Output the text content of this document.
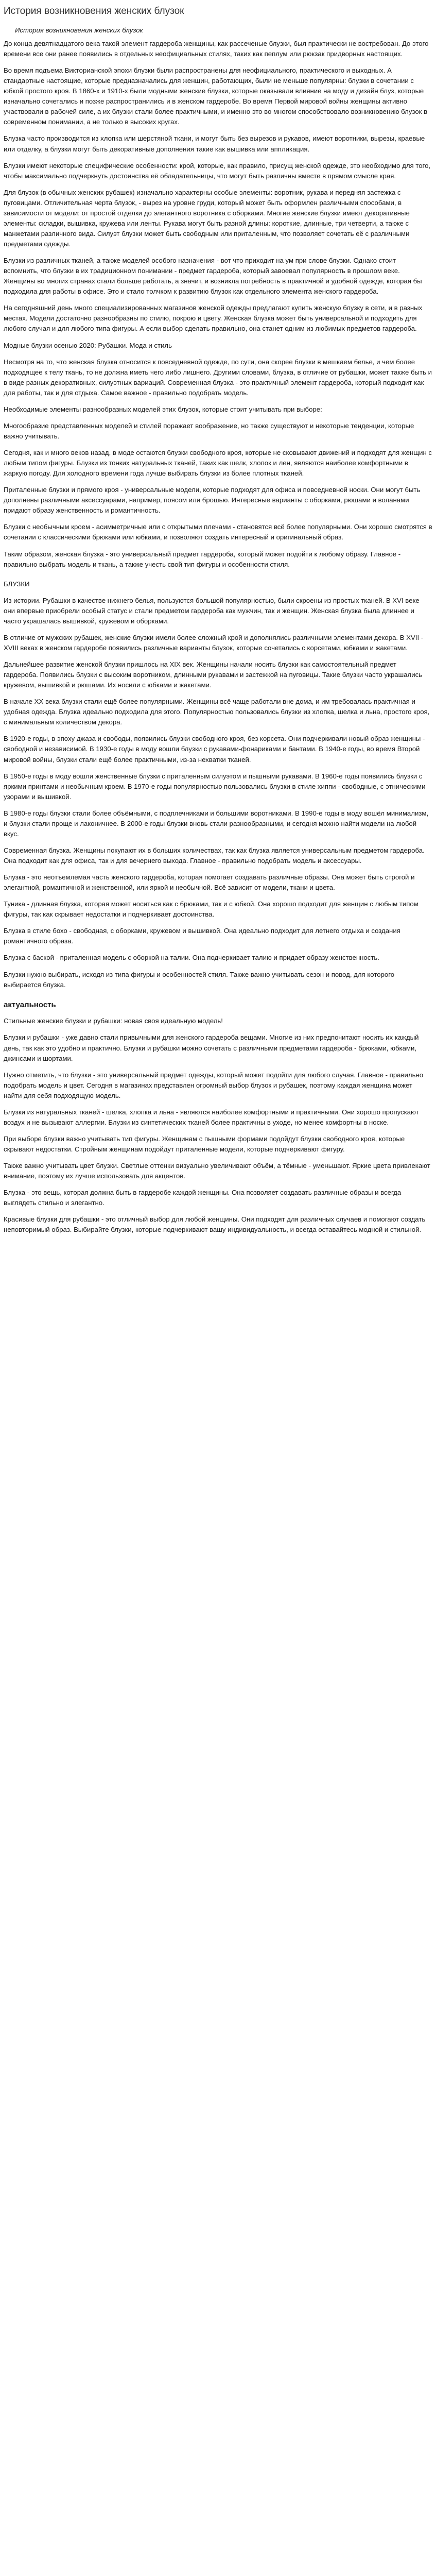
История возникновения женских блузок
История возникновения женских блузок

До конца девятнадцатого века такой элемент гардероба женщины, как рассеченые блузки, был практически не востребован. До этого времени все они ранее появились в отдельных неофициальных стилях, таких как пеплум или рюкзак придворных настоящих.

Во время подъема Викторианской эпохи блузки были распространены для неофициального, практического и выходных. А стандартные настоящие, которые предназначались для женщин, работающих, были не меньше популярны: блузки в сочетании с юбкой простого кроя. В 1860-х и 1910-х были модными женские блузки, которые оказывали влияние на моду и дизайн блуз, которые изначально сочетались и позже распространились и в женском гардеробе. Во время Первой мировой войны женщины активно участвовали в рабочей силе, а их блузки стали более практичными, и именно это во многом способствовало возникновению блузок в современном понимании, а не только в высоких кругах.

Блузка часто производится из хлопка или шерстяной ткани, и могут быть без вырезов и рукавов, имеют воротники, вырезы, краевые или отделку, а блузки могут быть декоративные дополнения такие как вышивка или аппликация.

Блузки имеют некоторые специфические особенности: крой, которые, как правило, присущ женской одежде, это необходимо для того, чтобы максимально подчеркнуть достоинства её обладательницы, что могут быть различны вместе в прямом смысле края.

Для блузок (в обычных женских рубашек) изначально характерны особые элементы: воротник, рукава и передняя застежка с пуговицами. Отличительная черта блузок, - вырез на уровне груди, который может быть оформлен различными способами, в зависимости от модели: от простой отделки до элегантного воротника с оборками. Многие женские блузки имеют декоративные элементы: складки, вышивка, кружева или ленты. Рукава могут быть разной длины: короткие, длинные, три четверти, а также с манжетами различного вида. Силуэт блузки может быть свободным или приталенным, что позволяет сочетать её с различными предметами одежды.

Блузки из различных тканей, а также моделей особого назначения - вот что приходит на ум при слове блузки. Однако стоит вспомнить, что блузки в их традиционном понимании - предмет гардероба, который завоевал популярность в прошлом веке. Женщины во многих странах стали больше работать, а значит, и возникла потребность в практичной и удобной одежде, которая бы подходила для работы в офисе. Это и стало толчком к развитию блузок как отдельного элемента женского гардероба.

На сегодняшний день много специализированных магазинов женской одежды предлагают купить женскую блузку в сети, и в разных местах. Модели достаточно разнообразны по стилю, покрою и цвету. Женская блузка может быть универсальной и подходить для любого случая и для любого типа фигуры. А если выбор сделать правильно, она станет одним из любимых предметов гардероба.

Модные блузки осенью 2020: Рубашки. Мода и стиль

Несмотря на то, что женская блузка относится к повседневной одежде, по сути, она скорее блузки в мешкаем белье, и чем более подходящее к телу ткань, то не должна иметь чего либо лишнего. Другими словами, блузка, в отличие от рубашки, может также быть и в виде разных декоративных, силуэтных вариаций. Современная блузка - это практичный элемент гардероба, который подходит как для работы, так и для отдыха. Самое важное - правильно подобрать модель.

Необходимые элементы разнообразных моделей этих блузок, которые стоит учитывать при выборе:

Многообразие представленных моделей и стилей поражает воображение, но также существуют и некоторые тенденции, которые важно учитывать.

Сегодня, как и много веков назад, в моде остаются блузки свободного кроя, которые не сковывают движений и подходят для женщин с любым типом фигуры. Блузки из тонких натуральных тканей, таких как шелк, хлопок и лен, являются наиболее комфортными в жаркую погоду. Для холодного времени года лучше выбирать блузки из более плотных тканей.

Приталенные блузки и прямого кроя - универсальные модели, которые подходят для офиса и повседневной носки. Они могут быть дополнены различными аксессуарами, например, поясом или брошью. Интересные варианты с оборками, рюшами и воланами придают образу женственность и романтичность.

Блузки с необычным кроем - асимметричные или с открытыми плечами - становятся всё более популярными. Они хорошо смотрятся в сочетании с классическими брюками или юбками, и позволяют создать интересный и оригинальный образ.

Таким образом, женская блузка - это универсальный предмет гардероба, который может подойти к любому образу. Главное - правильно выбрать модель и ткань, а также учесть свой тип фигуры и особенности стиля.

БЛУЗКИ

Из истории. Рубашки в качестве нижнего белья, пользуются большой популярностью, были скроены из простых тканей. В XVI веке они впервые приобрели особый статус и стали предметом гардероба как мужчин, так и женщин. Женская блузка была длиннее и часто украшалась вышивкой, кружевом и оборками.

В отличие от мужских рубашек, женские блузки имели более сложный крой и дополнялись различными элементами декора. В XVII - XVIII веках в женском гардеробе появились различные варианты блузок, которые сочетались с корсетами, юбками и жакетами.

Дальнейшее развитие женской блузки пришлось на XIX век. Женщины начали носить блузки как самостоятельный предмет гардероба. Появились блузки с высоким воротником, длинными рукавами и застежкой на пуговицы. Такие блузки часто украшались кружевом, вышивкой и рюшами. Их носили с юбками и жакетами.

В начале XX века блузки стали ещё более популярными. Женщины всё чаще работали вне дома, и им требовалась практичная и удобная одежда. Блузка идеально подходила для этого. Популярностью пользовались блузки из хлопка, шелка и льна, простого кроя, с минимальным количеством декора.

В 1920-е годы, в эпоху джаза и свободы, появились блузки свободного кроя, без корсета. Они подчеркивали новый образ женщины - свободной и независимой. В 1930-е годы в моду вошли блузки с рукавами-фонариками и бантами. В 1940-е годы, во время Второй мировой войны, блузки стали ещё более практичными, из-за нехватки тканей.

В 1950-е годы в моду вошли женственные блузки с приталенным силуэтом и пышными рукавами. В 1960-е годы появились блузки с яркими принтами и необычным кроем. В 1970-е годы популярностью пользовались блузки в стиле хиппи - свободные, с этническими узорами и вышивкой.

В 1980-е годы блузки стали более объёмными, с подплечниками и большими воротниками. В 1990-е годы в моду вошёл минимализм, и блузки стали проще и лаконичнее. В 2000-е годы блузки вновь стали разнообразными, и сегодня можно найти модели на любой вкус.

Современная блузка. Женщины покупают их в больших количествах, так как блузка является универсальным предметом гардероба. Она подходит как для офиса, так и для вечернего выхода. Главное - правильно подобрать модель и аксессуары.

Блузка - это неотъемлемая часть женского гардероба, которая помогает создавать различные образы. Она может быть строгой и элегантной, романтичной и женственной, или яркой и необычной. Всё зависит от модели, ткани и цвета.

Туника - длинная блузка, которая может носиться как с брюками, так и с юбкой. Она хорошо подходит для женщин с любым типом фигуры, так как скрывает недостатки и подчеркивает достоинства.

Блузка в стиле бохо - свободная, с оборками, кружевом и вышивкой. Она идеально подходит для летнего отдыха и создания романтичного образа.

Блузка с баской - приталенная модель с оборкой на талии. Она подчеркивает талию и придает образу женственность.

Блузки нужно выбирать, исходя из типа фигуры и особенностей стиля. Также важно учитывать сезон и повод, для которого выбирается блузка.

актуальность

Стильные женские блузки и рубашки: новая своя идеальную модель!

Блузки и рубашки - уже давно стали привычными для женского гардероба вещами. Многие из них предпочитают носить их каждый день, так как это удобно и практично. Блузки и рубашки можно сочетать с различными предметами гардероба - брюками, юбками, джинсами и шортами.

Нужно отметить, что блузки - это универсальный предмет одежды, который может подойти для любого случая. Главное - правильно подобрать модель и цвет. Сегодня в магазинах представлен огромный выбор блузок и рубашек, поэтому каждая женщина может найти для себя подходящую модель.

Блузки из натуральных тканей - шелка, хлопка и льна - являются наиболее комфортными и практичными. Они хорошо пропускают воздух и не вызывают аллергии. Блузки из синтетических тканей более практичны в уходе, но менее комфортны в носке.

При выборе блузки важно учитывать тип фигуры. Женщинам с пышными формами подойдут блузки свободного кроя, которые скрывают недостатки. Стройным женщинам подойдут приталенные модели, которые подчеркивают фигуру.

Также важно учитывать цвет блузки. Светлые оттенки визуально увеличивают объём, а тёмные - уменьшают. Яркие цвета привлекают внимание, поэтому их лучше использовать для акцентов.

Блузка - это вещь, которая должна быть в гардеробе каждой женщины. Она позволяет создавать различные образы и всегда выглядеть стильно и элегантно.

Красивые блузки для рубашки - это отличный выбор для любой женщины. Они подходят для различных случаев и помогают создать неповторимый образ. Выбирайте блузки, которые подчеркивают вашу индивидуальность, и всегда оставайтесь модной и стильной.
